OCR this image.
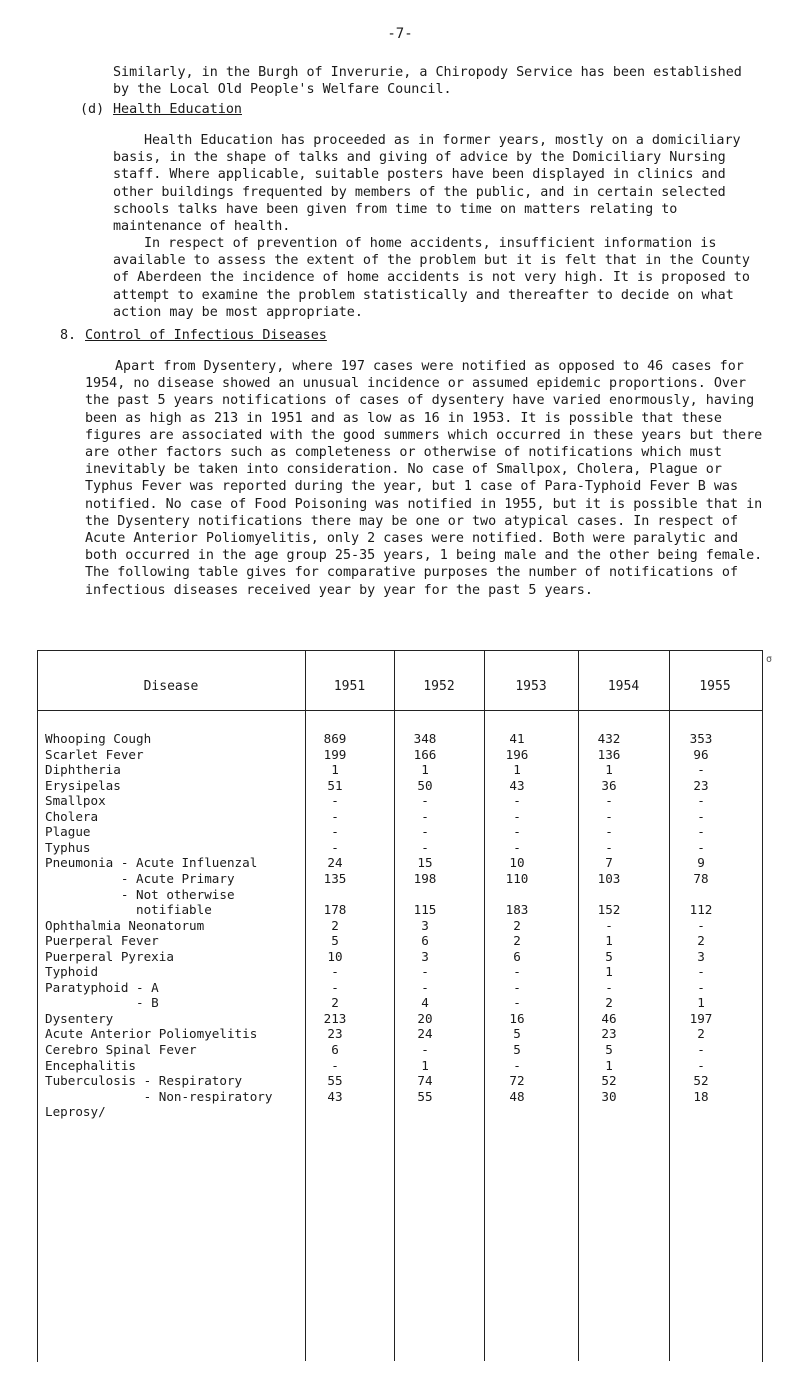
-7-

Similarly, in the Burgh of Inverurie, a Chiropody Service has been established by the Local Old People's Welfare Council.

(d) Health Education

Health Education has proceeded as in former years, mostly on a domiciliary basis, in the shape of talks and giving of advice by the Domiciliary Nursing staff. Where applicable, suitable posters have been displayed in clinics and other buildings frequented by members of the public, and in certain selected schools talks have been given from time to time on matters relating to maintenance of health.

In respect of prevention of home accidents, insufficient information is available to assess the extent of the problem but it is felt that in the County of Aberdeen the incidence of home accidents is not very high. It is proposed to attempt to examine the problem statistically and thereafter to decide on what action may be most appropriate.

8. Control of Infectious Diseases

Apart from Dysentery, where 197 cases were notified as opposed to 46 cases for 1954, no disease showed an unusual incidence or assumed epidemic proportions. Over the past 5 years notifications of cases of dysentery have varied enormously, having been as high as 213 in 1951 and as low as 16 in 1953. It is possible that these figures are associated with the good summers which occurred in these years but there are other factors such as completeness or otherwise of notifications which must inevitably be taken into consideration. No case of Smallpox, Cholera, Plague or Typhus Fever was reported during the year, but 1 case of Para-Typhoid Fever B was notified. No case of Food Poisoning was notified in 1955, but it is possible that in the Dysentery notifications there may be one or two atypical cases. In respect of Acute Anterior Poliomyelitis, only 2 cases were notified. Both were paralytic and both occurred in the age group 25-35 years, 1 being male and the other being female. The following table gives for comparative purposes the number of notifications of infectious diseases received year by year for the past 5 years.

Disease	1951	1952	1953	1954	1955
Whooping Cough	869	348	41	432	353
Scarlet Fever	199	166	196	136	96
Diphtheria	1	1	1	1	-
Erysipelas	51	50	43	36	23
Smallpox	-	-	-	-	-
Cholera	-	-	-	-	-
Plague	-	-	-	-	-
Typhus	-	-	-	-	-
Pneumonia - Acute Influenzal	24	15	10	7	9
- Acute Primary	135	198	110	103	78
- Not otherwise
notifiable	178	115	183	152	112
Ophthalmia Neonatorum	2	3	2	-	-
Puerperal Fever	5	6	2	1	2
Puerperal Pyrexia	10	3	6	5	3
Typhoid	-	-	-	1	-
Paratyphoid - A	-	-	-	-	-
- B	2	4	-	2	1
Dysentery	213	20	16	46	197
Acute Anterior Poliomyelitis	23	24	5	23	2
Cerebro Spinal Fever	6	-	5	5	-
Encephalitis	-	1	-	1	-
Tuberculosis - Respiratory	55	74	72	52	52
- Non-respiratory	43	55	48	30	18
Leprosy/
σ
